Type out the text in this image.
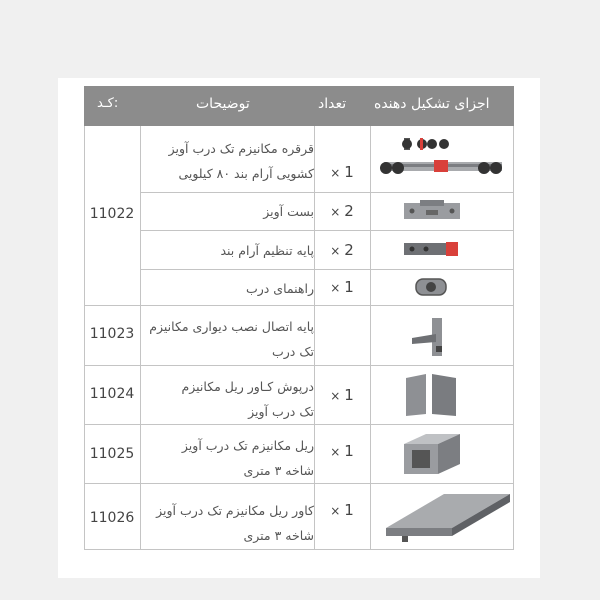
کـد:	توضیحات	تعداد اجزای تشکیل دهنده
11022
11023
11024
11025
11026
قرقره مکانیزم تک درب آویز
کشویی آرام بند ۸۰ کیلویی
بست آویز
پایه تنظیم آرام بند
راهنمای درب
پایه اتصال نصب دیواری مکانیزم
تک درب
درپوش کـاور ریل مکانیزم
تک درب آویز
ریل مکانیزم تک درب آویز
شاخه ۳ متری
کاور ریل مکانیزم تک درب آویز
شاخه ۳ متری
× 1
× 2
× 2
× 1
× 1
× 1
× 1
